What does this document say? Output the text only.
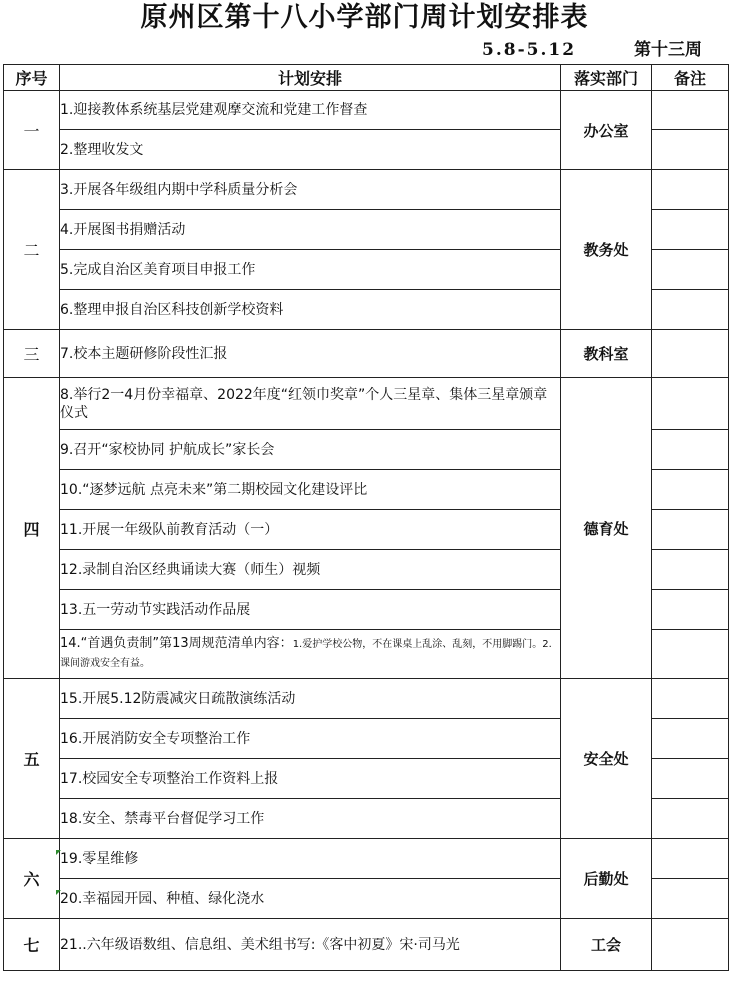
原州区第十八小学部门周计划安排表
5.8-5.12	第十三周
序号	计划安排	落实部门	备注
一	1.迎接教体系统基层党建观摩交流和党建工作督查	办公室	
	2.整理收发文		
二	3.开展各年级组内期中学科质量分析会	教务处	
	4.开展图书捐赠活动		
	5.完成自治区美育项目申报工作		
	6.整理申报自治区科技创新学校资料		
三	7.校本主题研修阶段性汇报	教科室	
四	8.举行2一4月份幸福章、2022年度“红领巾奖章”个人三星章、集体三星章颁章仪式	德育处	
	9.召开“家校协同 护航成长”家长会		
	10.“逐梦远航 点亮未来”第二期校园文化建设评比		
	11.开展一年级队前教育活动（一）		
	12.录制自治区经典诵读大赛（师生）视频		
	13.五一劳动节实践活动作品展		
	14.“首遇负责制”第13周规范清单内容：1.爱护学校公物，不在课桌上乱涂、乱刻，不用脚踢门。2.课间游戏安全有益。		
五	15.开展5.12防震减灾日疏散演练活动	安全处	
	16.开展消防安全专项整治工作		
	17.校园安全专项整治工作资料上报		
	18.安全、禁毒平台督促学习工作		
六	19.零星维修	后勤处	
	20.幸福园开园、种植、绿化浇水		
七	21..六年级语数组、信息组、美术组书写:《客中初夏》宋·司马光	工会	
